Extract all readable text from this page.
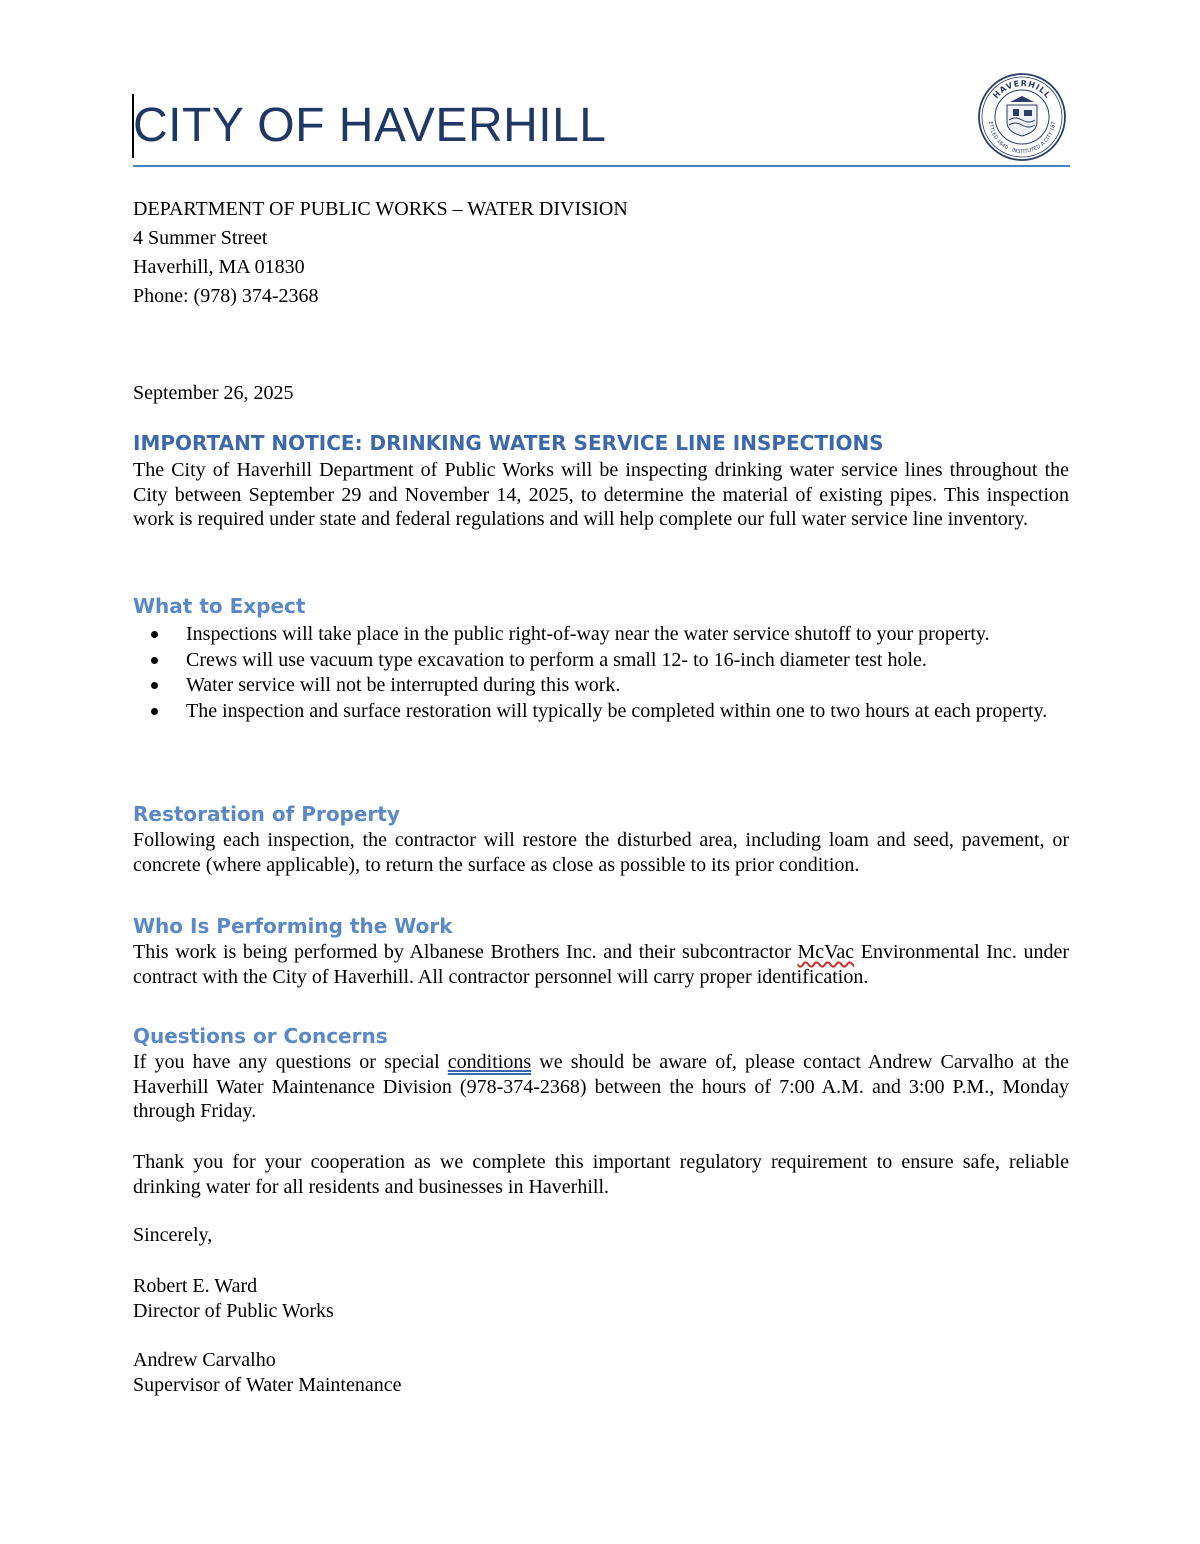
CITY OF HAVERHILL
HAVERHILL
ETTLED 1640 · INSTITUTED A CITY 187
DEPARTMENT OF PUBLIC WORKS – WATER DIVISION
4 Summer Street
Haverhill, MA 01830
Phone: (978) 374-2368
September 26, 2025
IMPORTANT NOTICE: DRINKING WATER SERVICE LINE INSPECTIONS
The City of Haverhill Department of Public Works will be inspecting drinking water service lines throughout the City between September 29 and November 14, 2025, to determine the material of existing pipes. This inspection work is required under state and federal regulations and will help complete our full water service line inventory.
What to Expect
Inspections will take place in the public right-of-way near the water service shutoff to your property.
Crews will use vacuum type excavation to perform a small 12- to 16-inch diameter test hole.
Water service will not be interrupted during this work.
The inspection and surface restoration will typically be completed within one to two hours at each property.
Restoration of Property
Following each inspection, the contractor will restore the disturbed area, including loam and seed, pavement, or concrete (where applicable), to return the surface as close as possible to its prior condition.
Who Is Performing the Work
This work is being performed by Albanese Brothers Inc. and their subcontractor McVac Environmental Inc. under contract with the City of Haverhill. All contractor personnel will carry proper identification.
Questions or Concerns
If you have any questions or special conditions we should be aware of, please contact Andrew Carvalho at the Haverhill Water Maintenance Division (978-374-2368) between the hours of 7:00 A.M. and 3:00 P.M., Monday through Friday.
Thank you for your cooperation as we complete this important regulatory requirement to ensure safe, reliable drinking water for all residents and businesses in Haverhill.
Sincerely,
Robert E. Ward
Director of Public Works
Andrew Carvalho
Supervisor of Water Maintenance
